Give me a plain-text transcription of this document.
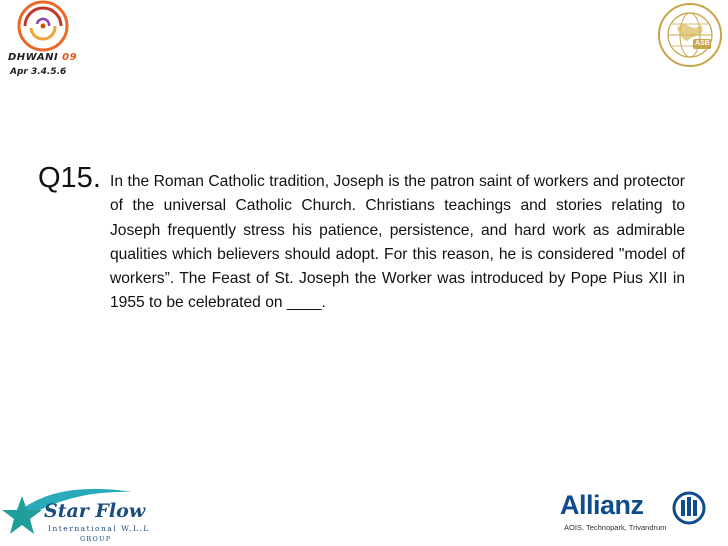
DHWANI 09
Apr 3.4.5.6
ASB
Q15. In the Roman Catholic tradition, Joseph is the patron saint of workers and protector of the universal Catholic Church. Christians teachings and stories relating to Joseph frequently stress his patience, persistence, and hard work as admirable qualities which believers should adopt. For this reason, he is considered "model of workers”. The Feast of St. Joseph the Worker was introduced by Pope Pius XII in 1955 to be celebrated on ____.
Star Flow
International W.L.L
GROUP
Allianz
AOIS, Technopark, Trivandrum
